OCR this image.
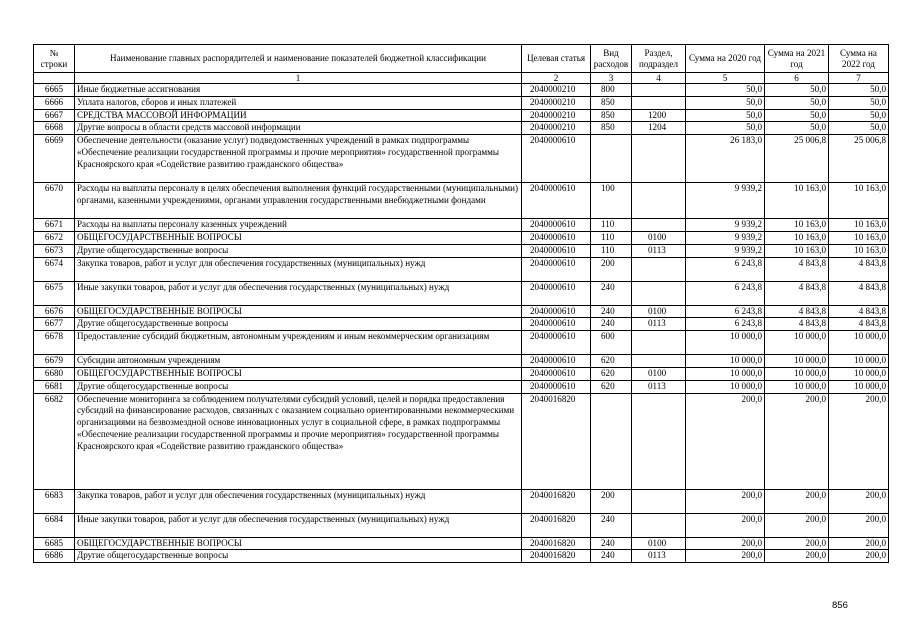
№ строки	Наименование главных распорядителей и наименование показателей бюджетной классификации	Целевая статья	Вид расходов	Раздел, подраздел	Сумма на 2020 год	Сумма на 2021 год	Сумма на 2022 год
	1	2	3	4	5	6	7
6665	Иные бюджетные ассигнования	2040000210	800		50,0	50,0	50,0
6666	Уплата налогов, сборов и иных платежей	2040000210	850		50,0	50,0	50,0
6667	СРЕДСТВА МАССОВОЙ ИНФОРМАЦИИ	2040000210	850	1200	50,0	50,0	50,0
6668	Другие вопросы в области средств массовой информации	2040000210	850	1204	50,0	50,0	50,0
6669	Обеспечение деятельности (оказание услуг) подведомственных учреждений в рамках подпрограммы «Обеспечение реализации государственной программы и прочие мероприятия» государственной программы Красноярского края «Содействие развитию гражданского общества»	2040000610			26 183,0	25 006,8	25 006,8
6670	Расходы на выплаты персоналу в целях обеспечения выполнения функций государственными (муниципальными) органами, казенными учреждениями, органами управления государственными внебюджетными фондами	2040000610	100		9 939,2	10 163,0	10 163,0
6671	Расходы на выплаты персоналу казенных учреждений	2040000610	110		9 939,2	10 163,0	10 163,0
6672	ОБЩЕГОСУДАРСТВЕННЫЕ ВОПРОСЫ	2040000610	110	0100	9 939,2	10 163,0	10 163,0
6673	Другие общегосударственные вопросы	2040000610	110	0113	9 939,2	10 163,0	10 163,0
6674	Закупка товаров, работ и услуг для обеспечения государственных (муниципальных) нужд	2040000610	200		6 243,8	4 843,8	4 843,8
6675	Иные закупки товаров, работ и услуг для обеспечения государственных (муниципальных) нужд	2040000610	240		6 243,8	4 843,8	4 843,8
6676	ОБЩЕГОСУДАРСТВЕННЫЕ ВОПРОСЫ	2040000610	240	0100	6 243,8	4 843,8	4 843,8
6677	Другие общегосударственные вопросы	2040000610	240	0113	6 243,8	4 843,8	4 843,8
6678	Предоставление субсидий бюджетным, автономным учреждениям и иным некоммерческим организациям	2040000610	600		10 000,0	10 000,0	10 000,0
6679	Субсидии автономным учреждениям	2040000610	620		10 000,0	10 000,0	10 000,0
6680	ОБЩЕГОСУДАРСТВЕННЫЕ ВОПРОСЫ	2040000610	620	0100	10 000,0	10 000,0	10 000,0
6681	Другие общегосударственные вопросы	2040000610	620	0113	10 000,0	10 000,0	10 000,0
6682	Обеспечение мониторинга за соблюдением получателями субсидий условий, целей и порядка предоставления субсидий на финансирование расходов, связанных с оказанием социально ориентированными некоммерческими организациями на безвозмездной основе инновационных услуг в социальной сфере, в рамках подпрограммы «Обеспечение реализации государственной программы и прочие мероприятия» государственной программы Красноярского края «Содействие развитию гражданского общества»	2040016820			200,0	200,0	200,0
6683	Закупка товаров, работ и услуг для обеспечения государственных (муниципальных) нужд	2040016820	200		200,0	200,0	200,0
6684	Иные закупки товаров, работ и услуг для обеспечения государственных (муниципальных) нужд	2040016820	240		200,0	200,0	200,0
6685	ОБЩЕГОСУДАРСТВЕННЫЕ ВОПРОСЫ	2040016820	240	0100	200,0	200,0	200,0
6686	Другие общегосударственные вопросы	2040016820	240	0113	200,0	200,0	200,0
856
